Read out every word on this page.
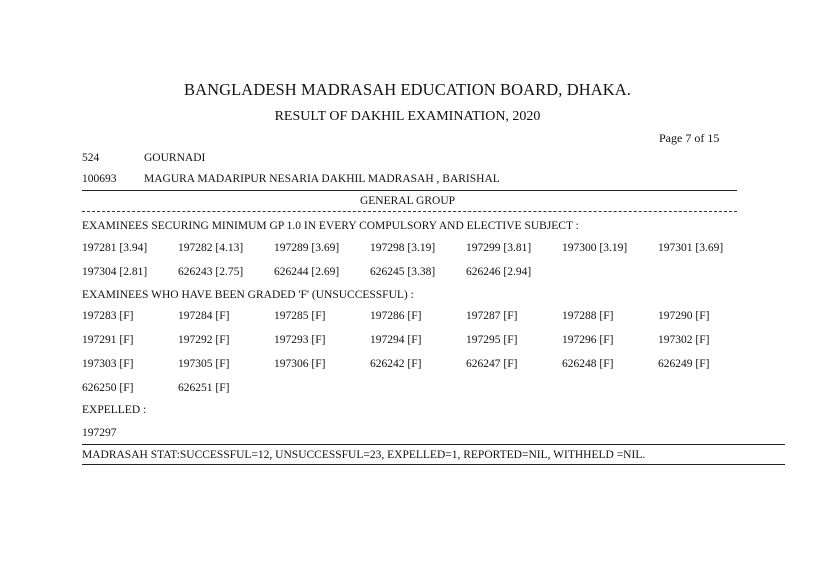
BANGLADESH MADRASAH EDUCATION BOARD, DHAKA.
RESULT OF DAKHIL EXAMINATION, 2020
Page 7 of 15
524	GOURNADI
100693 MAGURA MADARIPUR NESARIA DAKHIL MADRASAH , BARISHAL
GENERAL GROUP
EXAMINEES SECURING MINIMUM GP 1.0 IN EVERY COMPULSORY AND ELECTIVE SUBJECT :
197281 [3.94]	197282 [4.13]	197289 [3.69]	197298 [3.19]	197299 [3.81]	197300 [3.19]	197301 [3.69]
197304 [2.81]	626243 [2.75]	626244 [2.69]	626245 [3.38]	626246 [2.94]
EXAMINEES WHO HAVE BEEN GRADED 'F' (UNSUCCESSFUL) :
197283 [F]	197284 [F]	197285 [F]	197286 [F]	197287 [F]	197288 [F]	197290 [F]
197291 [F]	197292 [F]	197293 [F]	197294 [F]	197295 [F]	197296 [F]	197302 [F]
197303 [F]	197305 [F]	197306 [F]	626242 [F]	626247 [F]	626248 [F]	626249 [F]
626250 [F]	626251 [F]
EXPELLED :
197297
MADRASAH STAT:SUCCESSFUL=12, UNSUCCESSFUL=23, EXPELLED=1, REPORTED=NIL, WITHHELD =NIL.
